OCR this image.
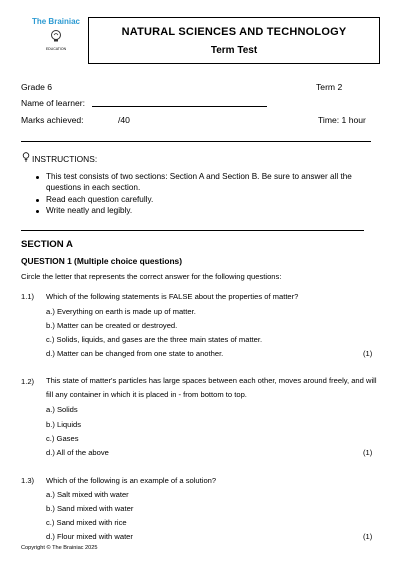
The Brainiac
EDUCATION
NATURAL SCIENCES AND TECHNOLOGY
Term Test
Grade 6	Term 2
Name of learner:
Marks achieved:	/40	Time: 1 hour
INSTRUCTIONS:
This test consists of two sections: Section A and Section B. Be sure to answer all the questions in each section.
Read each question carefully.
Write neatly and legibly.
SECTION A
QUESTION 1 (Multiple choice questions)
Circle the letter that represents the correct answer for the following questions:
1.1) Which of the following statements is FALSE about the properties of matter?
a.) Everything on earth is made up of matter.
b.) Matter can be created or destroyed.
c.) Solids, liquids, and gases are the three main states of matter.
d.) Matter can be changed from one state to another.	(1)
1.2) This state of matter's particles has large spaces between each other, moves around freely, and will fill any container in which it is placed in - from bottom to top.
a.) Solids
b.) Liquids
c.) Gases
d.) All of the above	(1)
1.3) Which of the following is an example of a solution?
a.) Salt mixed with water
b.) Sand mixed with water
c.) Sand mixed with rice
d.) Flour mixed with water	(1)
Copyright © The Brainiac 2025
